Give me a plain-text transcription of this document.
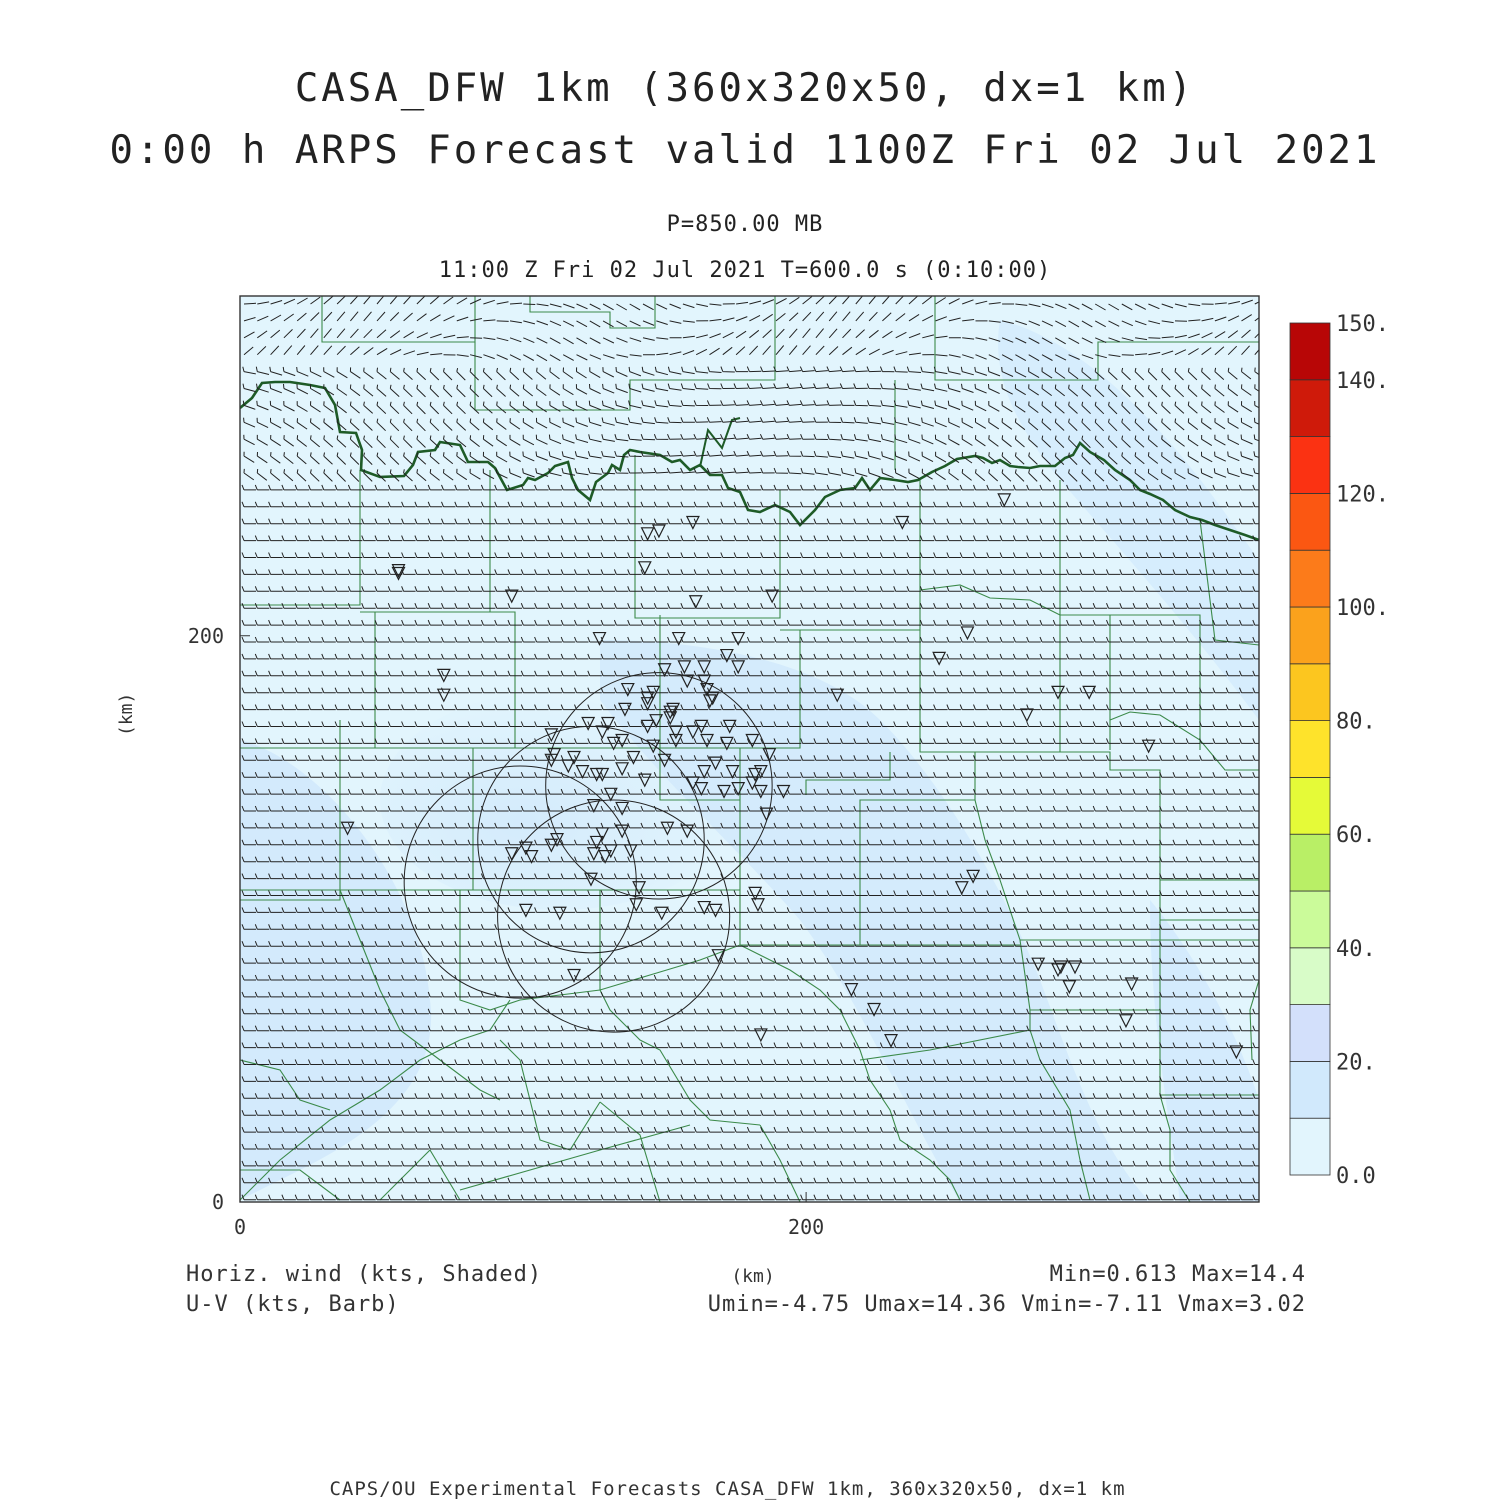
CASA_DFW 1km (360x320x50, dx=1 km)
0:00 h ARPS Forecast valid 1100Z Fri 02 Jul 2021
P=850.00 MB
11:00 Z Fri 02 Jul 2021 T=600.0 s (0:10:00)
0	200
0
200
0.0
20.
40.
60.
80.
100.
120.
140.
150.
(km)
(km)
Horiz. wind (kts, Shaded)
U-V (kts, Barb)
Min=0.613 Max=14.4
Umin=-4.75 Umax=14.36 Vmin=-7.11 Vmax=3.02
CAPS/OU Experimental Forecasts CASA_DFW 1km, 360x320x50, dx=1 km
